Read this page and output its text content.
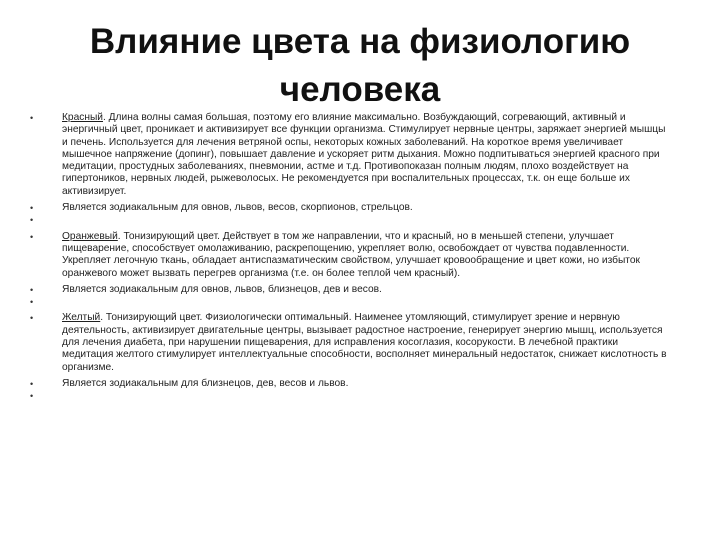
Влияние цвета на физиологию человека
•	Красный. Длина волны самая большая, поэтому его влияние максимально. Возбуждающий, согревающий, активный и энергичный цвет, проникает и активизирует все функции организма. Стимулирует нервные центры, заряжает энергией мышцы и печень. Используется для лечения ветряной оспы, некоторых кожных заболеваний. На короткое время увеличивает мышечное напряжение (допинг), повышает давление и ускоряет ритм дыхания. Можно подпитываться энергией красного при медитации, простудных заболеваниях, пневмонии, астме и т.д. Противопоказан полным людям, плохо воздействует на гипертоников, нервных людей, рыжеволосых. Не рекомендуется при воспалительных процессах, т.к. он еще больше их активизирует.
•	Является зодиакальным для овнов, львов, весов, скорпионов, стрельцов.
•
•	Оранжевый. Тонизирующий цвет. Действует в том же направлении, что и красный, но в меньшей степени, улучшает пищеварение, способствует омолаживанию, раскрепощению, укрепляет волю, освобождает от чувства подавленности. Укрепляет легочную ткань, обладает антиспазматическим свойством, улучшает кровообращение и цвет кожи, но избыток оранжевого может вызвать перегрев организма (т.е. он более теплой чем красный).
•	Является зодиакальным для овнов, львов, близнецов, дев и весов.
•
•	Желтый. Тонизирующий цвет. Физиологически оптимальный. Наименее утомляющий, стимулирует зрение и нервную деятельность, активизирует двигательные центры, вызывает радостное настроение, генерирует энергию мышц, используется для лечения диабета, при нарушении пищеварения, для исправления косоглазия, косорукости. В лечебной практики медитация желтого стимулирует интеллектуальные способности, восполняет минеральный недостаток, снижает кислотность в организме.
•	Является зодиакальным для близнецов, дев, весов и львов.
•
